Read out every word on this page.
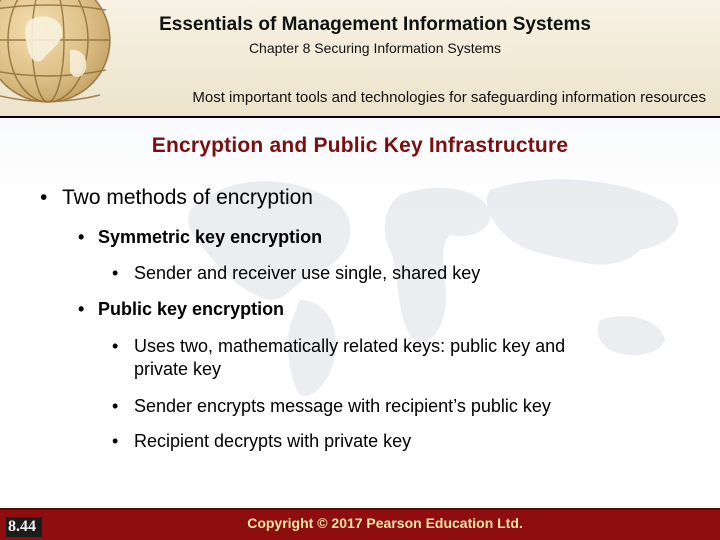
Essentials of Management Information Systems
Chapter 8 Securing Information Systems
Most important tools and technologies for safeguarding information resources
Encryption and Public Key Infrastructure
• Two methods of encryption
• Symmetric key encryption
• Sender and receiver use single, shared key
• Public key encryption
• Uses two, mathematically related keys: public key and private key
• Sender encrypts message with recipient’s public key
• Recipient decrypts with private key
8.44	Copyright © 2017 Pearson Education Ltd.
